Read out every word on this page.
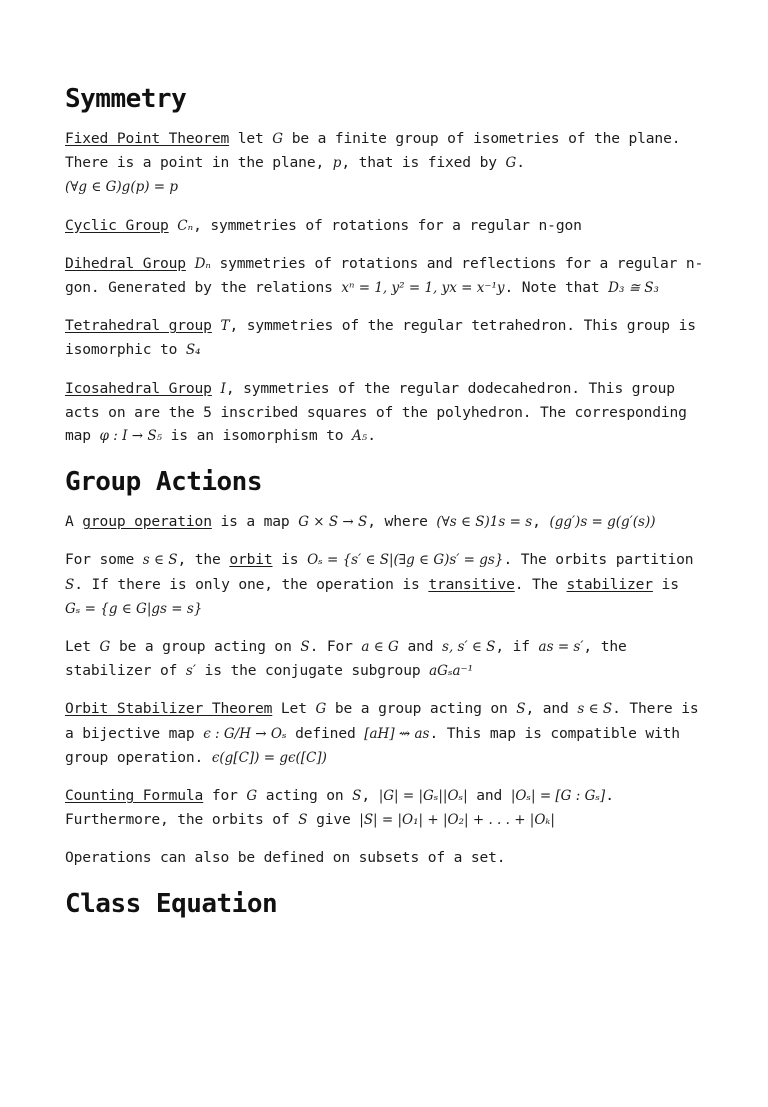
Symmetry

Fixed Point Theorem let G be a finite group of isometries of the plane. There is a point in the plane, p, that is fixed by G.
(∀g ∈ G)g(p) = p

Cyclic Group Cₙ, symmetries of rotations for a regular n-gon

Dihedral Group Dₙ symmetries of rotations and reflections for a regular n-gon. Generated by the relations xⁿ = 1, y² = 1, yx = x⁻¹y. Note that D₃ ≅ S₃

Tetrahedral group T, symmetries of the regular tetrahedron. This group is isomorphic to S₄

Icosahedral Group I, symmetries of the regular dodecahedron. This group acts on are the 5 inscribed squares of the polyhedron. The corresponding map φ : I → S₅ is an isomorphism to A₅.

Group Actions

A group operation is a map G × S → S, where (∀s ∈ S)1s = s, (gg′)s = g(g′(s))

For some s ∈ S, the orbit is Oₛ = {s′ ∈ S|(∃g ∈ G)s′ = gs}. The orbits partition S. If there is only one, the operation is transitive. The stabilizer is Gₛ = {g ∈ G|gs = s}

Let G be a group acting on S. For a ∈ G and s, s′ ∈ S, if as = s′, the stabilizer of s′ is the conjugate subgroup aGₛa⁻¹

Orbit Stabilizer Theorem Let G be a group acting on S, and s ∈ S. There is a bijective map ϵ : G/H → Oₛ defined [aH] ⇝ as. This map is compatible with group operation. ϵ(g[C]) = gϵ([C])

Counting Formula for G acting on S, |G| = |Gₛ||Oₛ| and |Oₛ| = [G : Gₛ]. Furthermore, the orbits of S give |S| = |O₁| + |O₂| + . . . + |Oₖ|

Operations can also be defined on subsets of a set.

Class Equation
